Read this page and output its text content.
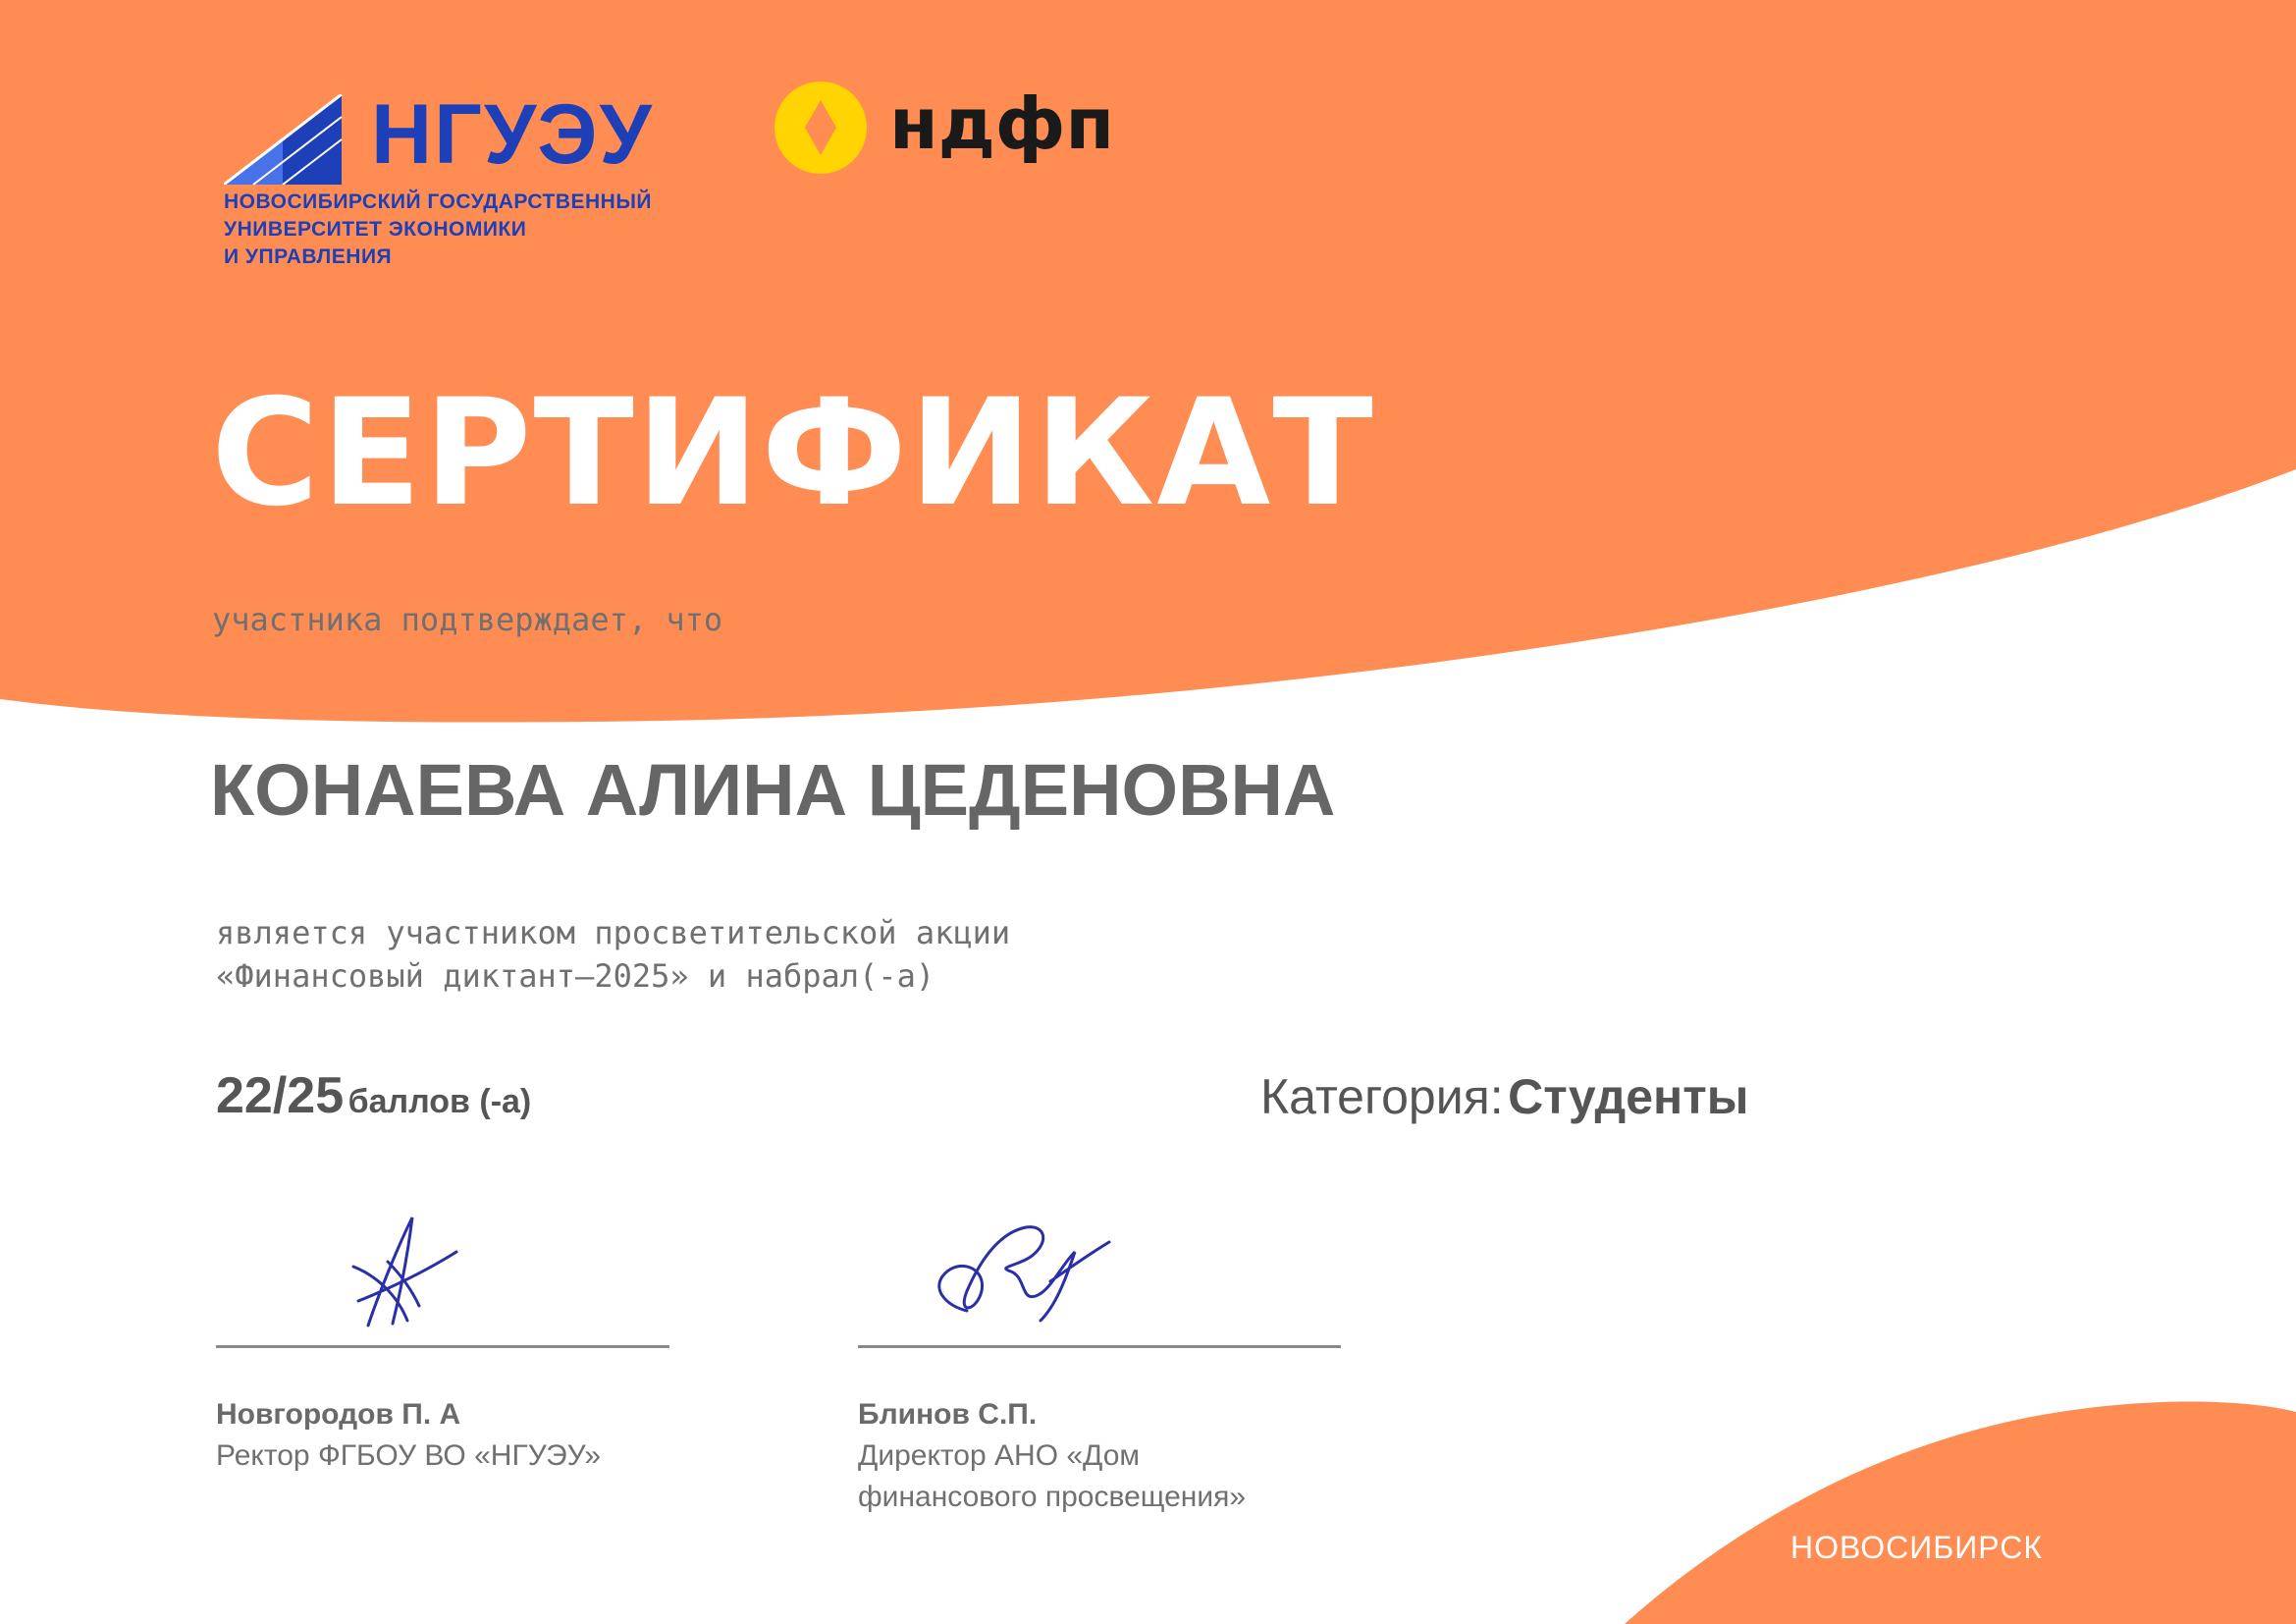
НГУЭУ
НОВОСИБИРСКИЙ ГОСУДАРСТВЕННЫЙ
УНИВЕРСИТЕТ ЭКОНОМИКИ
И УПРАВЛЕНИЯ
ндфп
СЕРТИФИКАТ
участника подтверждает, что
КОНАЕВА АЛИНА ЦЕДЕНОВНА
является участником просветительской акции
«Финансовый диктант–2025» и набрал(-а)
22/25 баллов (-а)	Категория: Студенты
Новгородов П. А
Ректор ФГБОУ ВО «НГУЭУ»
Блинов С.П.
Директор АНО «Дом
финансового просвещения»
НОВОСИБИРСК
